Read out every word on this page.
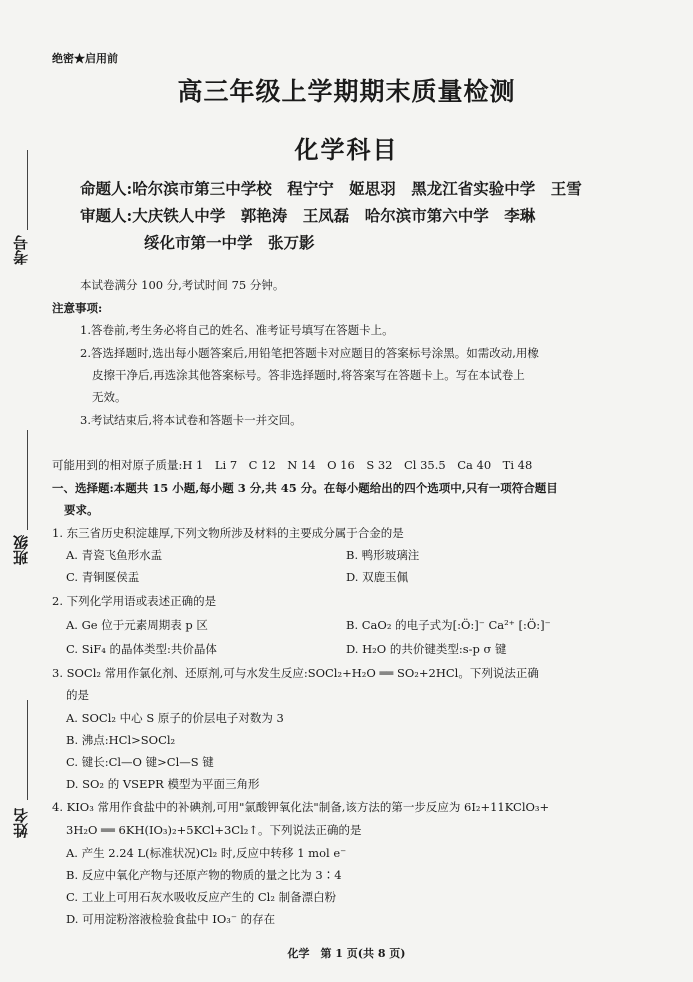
绝密★启用前
高三年级上学期期末质量检测
化学科目
命题人:哈尔滨市第三中学校　程宁宁　姬思羽　黑龙江省实验中学　王雪
审题人:大庆铁人中学　郭艳涛　王凤磊　哈尔滨市第六中学　李琳
绥化市第一中学　张万影
考号
班级
姓名
本试卷满分 100 分,考试时间 75 分钟。
注意事项:
1.答卷前,考生务必将自己的姓名、准考证号填写在答题卡上。
2.答选择题时,选出每小题答案后,用铅笔把答题卡对应题目的答案标号涂黑。如需改动,用橡
皮擦干净后,再选涂其他答案标号。答非选择题时,将答案写在答题卡上。写在本试卷上
无效。
3.考试结束后,将本试卷和答题卡一并交回。
可能用到的相对原子质量:H 1　Li 7　C 12　N 14　O 16　S 32　Cl 35.5　Ca 40　Ti 48
一、选择题:本题共 15 小题,每小题 3 分,共 45 分。在每小题给出的四个选项中,只有一项符合题目
要求。
1. 东三省历史积淀雄厚,下列文物所涉及材料的主要成分属于合金的是
A. 青瓷飞鱼形水盂	B. 鸭形玻璃注
C. 青铜匽侯盂	D. 双鹿玉佩
2. 下列化学用语或表述正确的是
A. Ge 位于元素周期表 p 区	B. CaO₂ 的电子式为[:Ö:]⁻ Ca²⁺ [:Ö:]⁻
C. SiF₄ 的晶体类型:共价晶体	D. H₂O 的共价键类型:s-p σ 键
3. SOCl₂ 常用作氯化剂、还原剂,可与水发生反应:SOCl₂+H₂O ══ SO₂+2HCl。下列说法正确
的是
A. SOCl₂ 中心 S 原子的价层电子对数为 3
B. 沸点:HCl>SOCl₂
C. 键长:Cl—O 键>Cl—S 键
D. SO₂ 的 VSEPR 模型为平面三角形
4. KIO₃ 常用作食盐中的补碘剂,可用"氯酸钾氧化法"制备,该方法的第一步反应为 6I₂+11KClO₃+
3H₂O ══ 6KH(IO₃)₂+5KCl+3Cl₂↑。下列说法正确的是
A. 产生 2.24 L(标准状况)Cl₂ 时,反应中转移 1 mol e⁻
B. 反应中氧化产物与还原产物的物质的量之比为 3∶4
C. 工业上可用石灰水吸收反应产生的 Cl₂ 制备漂白粉
D. 可用淀粉溶液检验食盐中 IO₃⁻ 的存在
化学　第 1 页(共 8 页)
